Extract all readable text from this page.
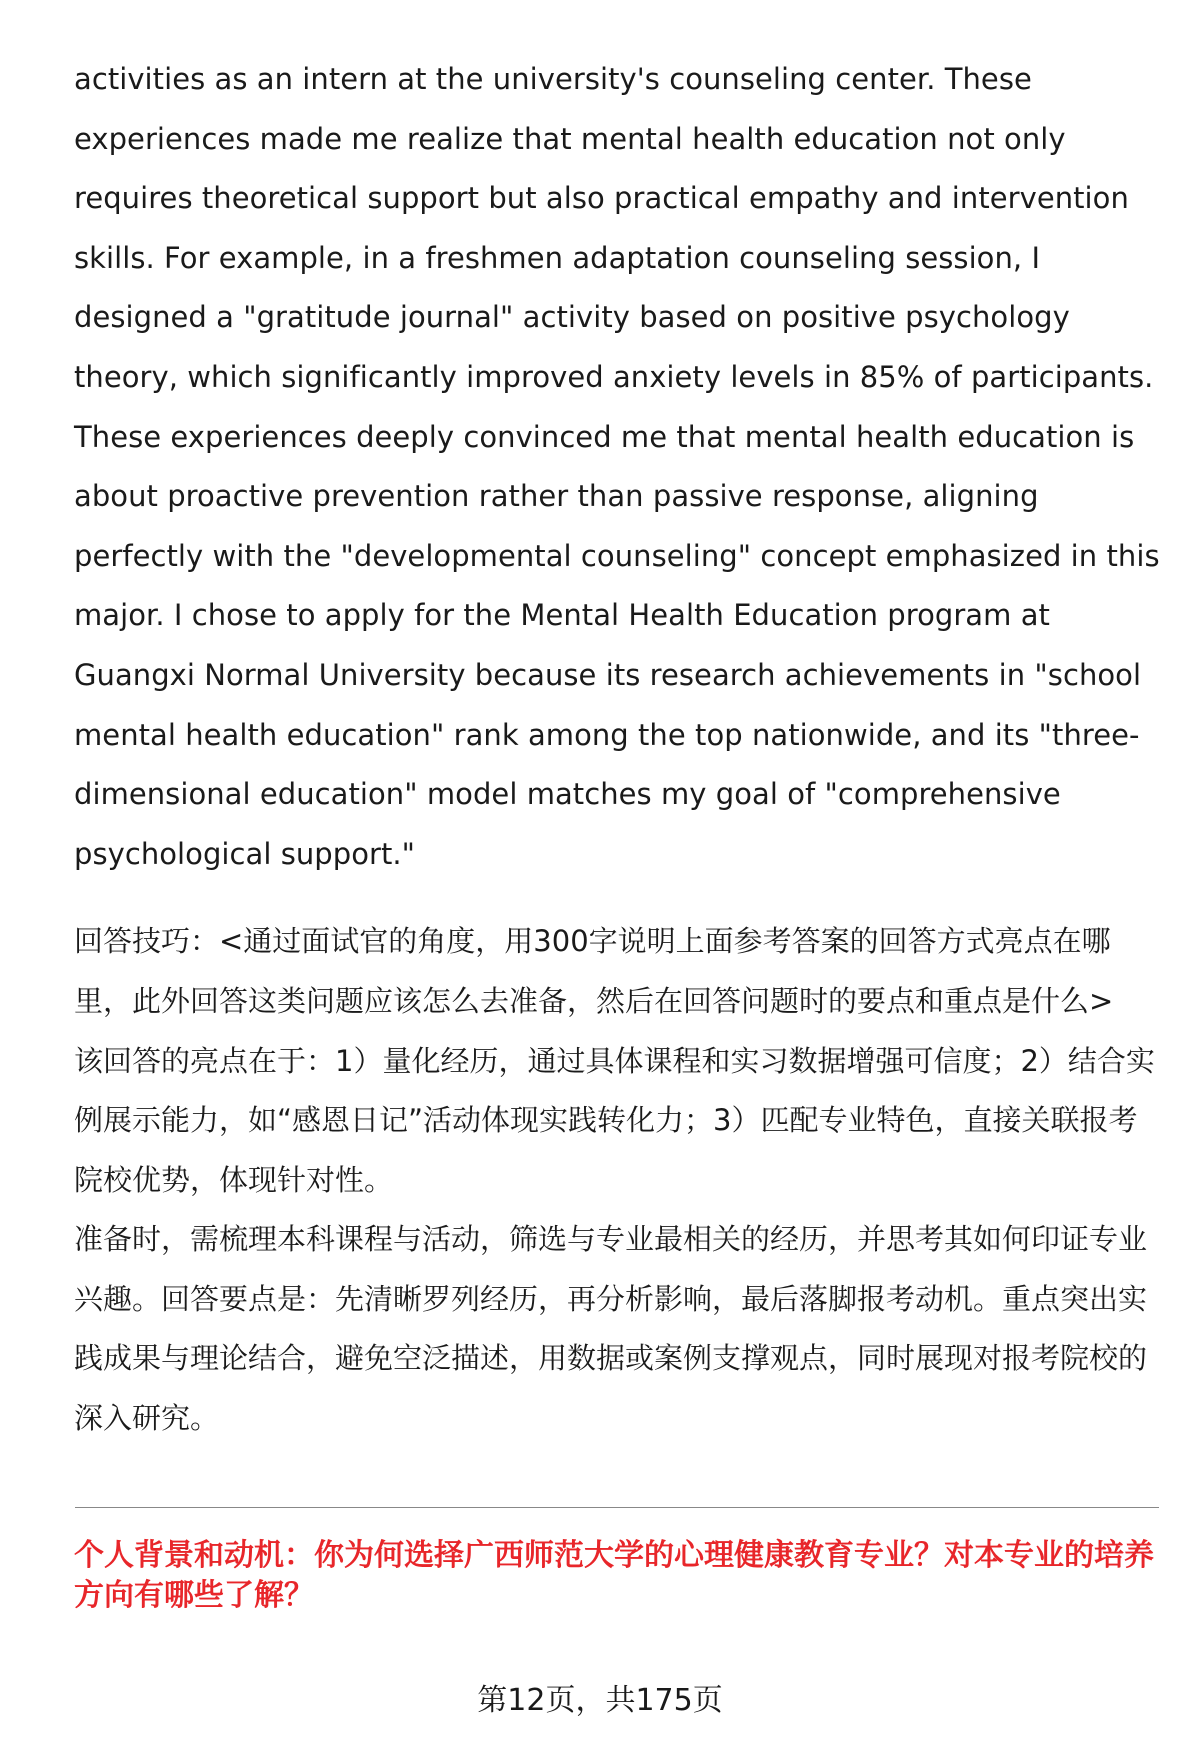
activities as an intern at the university's counseling center. These experiences made me realize that mental health education not only requires theoretical support but also practical empathy and intervention skills. For example, in a freshmen adaptation counseling session, I designed a "gratitude journal" activity based on positive psychology theory, which significantly improved anxiety levels in 85% of participants. These experiences deeply convinced me that mental health education is about proactive prevention rather than passive response, aligning perfectly with the "developmental counseling" concept emphasized in this major. I chose to apply for the Mental Health Education program at Guangxi Normal University because its research achievements in "school mental health education" rank among the top nationwide, and its "three-dimensional education" model matches my goal of "comprehensive psychological support."

回答技巧：<通过面试官的角度，用300字说明上面参考答案的回答方式亮点在哪里，此外回答这类问题应该怎么去准备，然后在回答问题时的要点和重点是什么>

该回答的亮点在于：1）量化经历，通过具体课程和实习数据增强可信度；2）结合实例展示能力，如“感恩日记”活动体现实践转化力；3）匹配专业特色，直接关联报考院校优势，体现针对性。

准备时，需梳理本科课程与活动，筛选与专业最相关的经历，并思考其如何印证专业兴趣。回答要点是：先清晰罗列经历，再分析影响，最后落脚报考动机。重点突出实践成果与理论结合，避免空泛描述，用数据或案例支撑观点，同时展现对报考院校的深入研究。

个人背景和动机：你为何选择广西师范大学的心理健康教育专业？对本专业的培养方向有哪些了解？
第12页，共175页
